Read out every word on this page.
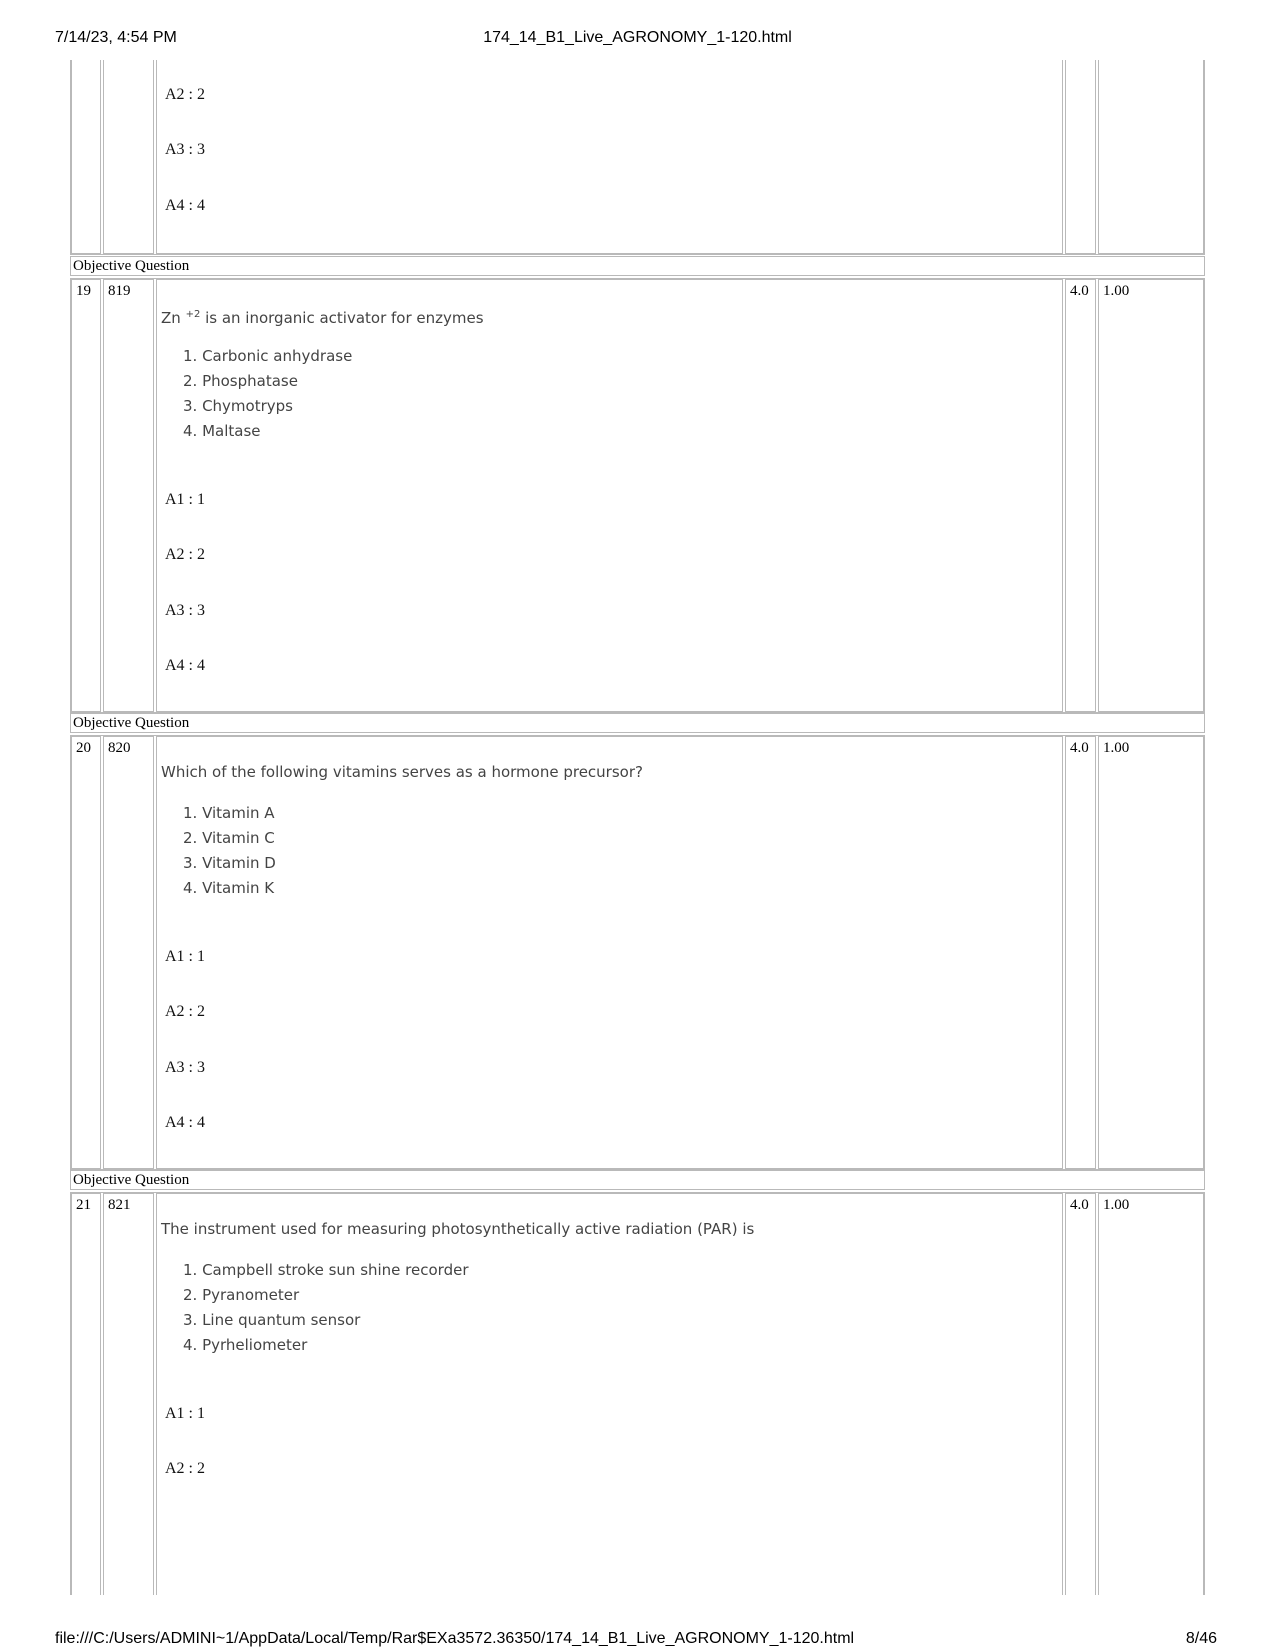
7/14/23, 4:54 PM	174_14_B1_Live_AGRONOMY_1-120.html
A2 : 2
A3 : 3
A4 : 4
Objective Question
19 819
Zn $^{+2}$ is an inorganic activator for enzymes
1. Carbonic anhydrase
2. Phosphatase
3. Chymotryps
4. Maltase
A1 : 1
A2 : 2
A3 : 3
A4 : 4
4.0 1.00
Objective Question
20 820
Which of the following vitamins serves as a hormone precursor?
1. Vitamin A
2. Vitamin C
3. Vitamin D
4. Vitamin K
A1 : 1
A2 : 2
A3 : 3
A4 : 4
4.0 1.00
Objective Question
21 821
The instrument used for measuring photosynthetically active radiation (PAR) is
1. Campbell stroke sun shine recorder
2. Pyranometer
3. Line quantum sensor
4. Pyrheliometer
A1 : 1
A2 : 2
4.0 1.00
file:///C:/Users/ADMINI~1/AppData/Local/Temp/Rar$EXa3572.36350/174_14_B1_Live_AGRONOMY_1-120.html	8/46
